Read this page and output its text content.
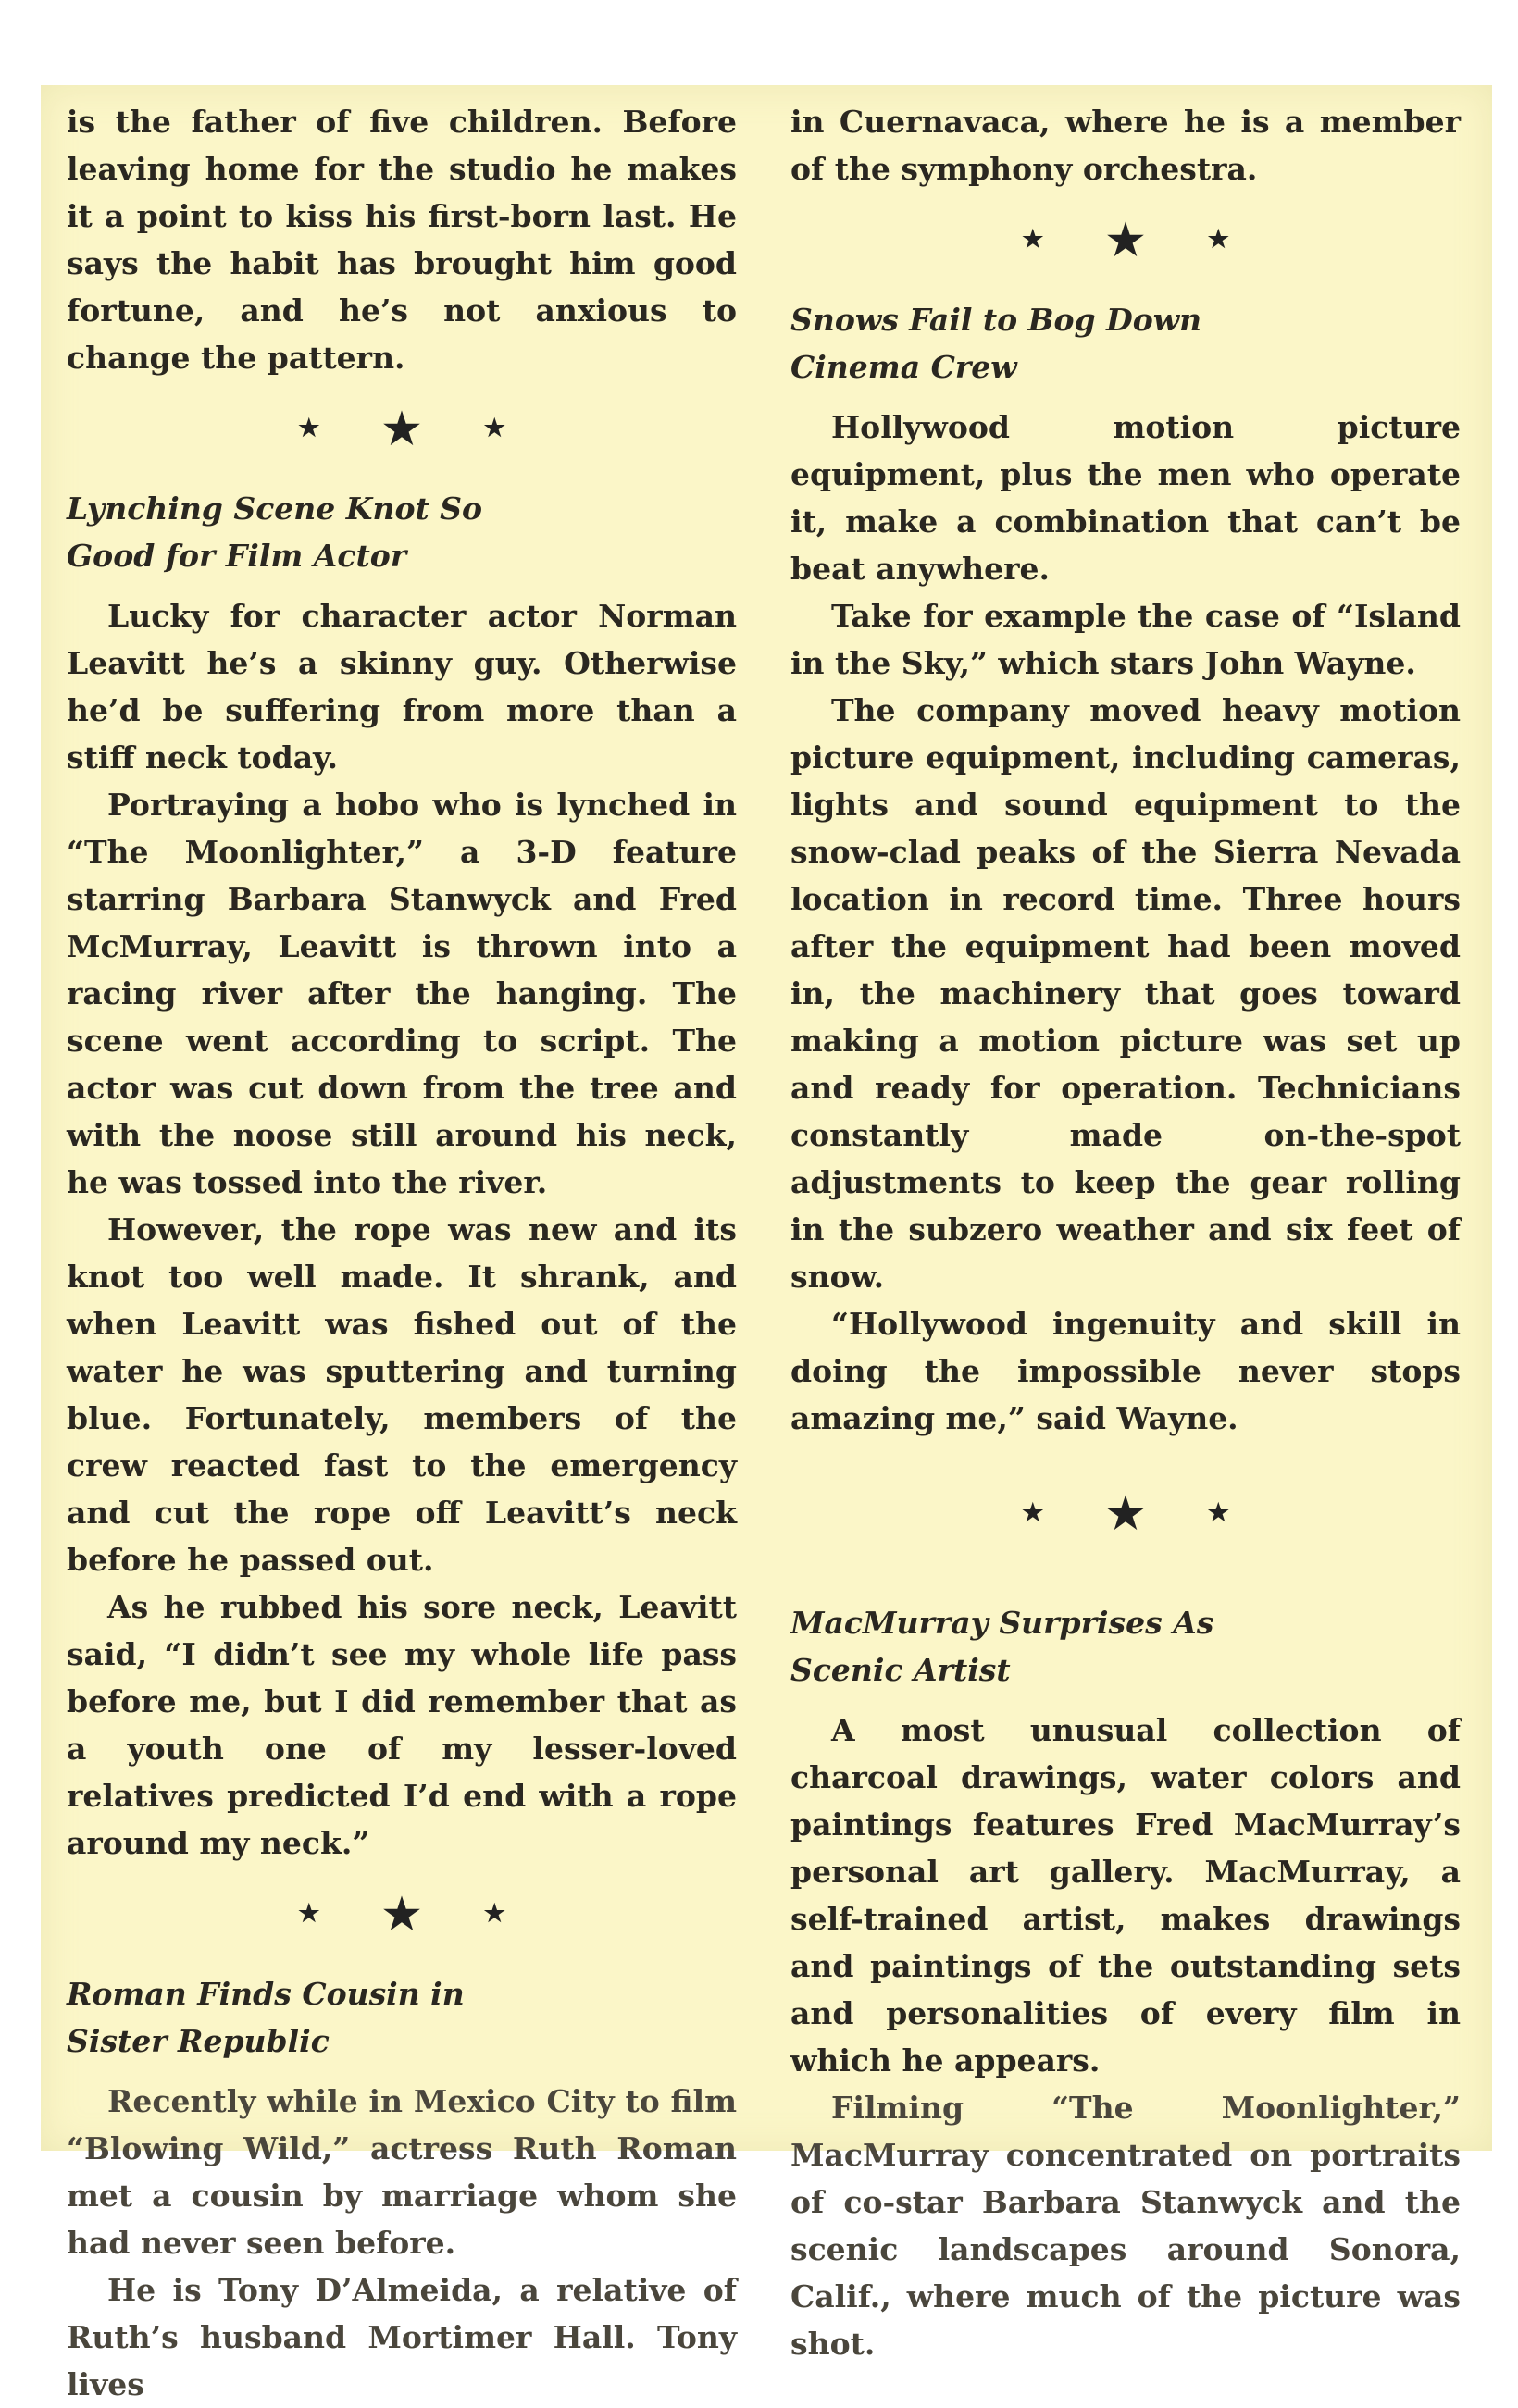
is the father of five children. Before leaving home for the studio he makes it a point to kiss his first-born last. He says the habit has brought him good fortune, and he’s not anxious to change the pattern.

★ ★	★
Lynching Scene Knot So Good for Film Actor

Lucky for character actor Norman Leavitt he’s a skinny guy. Otherwise he’d be suffering from more than a stiff neck today.

Portraying a hobo who is lynched in “The Moonlighter,” a 3-D feature starring Barbara Stanwyck and Fred McMurray, Leavitt is thrown into a racing river after the hanging. The scene went according to script. The actor was cut down from the tree and with the noose still around his neck, he was tossed into the river.

However, the rope was new and its knot too well made. It shrank, and when Leavitt was fished out of the water he was sputtering and turning blue. Fortunately, members of the crew reacted fast to the emergency and cut the rope off Leavitt’s neck before he passed out.

As he rubbed his sore neck, Leavitt said, “I didn’t see my whole life pass before me, but I did remember that as a youth one of my lesser-loved relatives predicted I’d end with a rope around my neck.”

★ ★	★
Roman Finds Cousin in Sister Republic

Recently while in Mexico City to film “Blowing Wild,” actress Ruth Roman met a cousin by marriage whom she had never seen before.

He is Tony D’Almeida, a relative of Ruth’s husband Mortimer Hall. Tony lives

in Cuernavaca, where he is a member of the symphony orchestra.

★ ★	★
Snows Fail to Bog Down Cinema Crew

Hollywood motion picture equipment, plus the men who operate it, make a combination that can’t be beat anywhere.

Take for example the case of “Island in the Sky,” which stars John Wayne.

The company moved heavy motion picture equipment, including cameras, lights and sound equipment to the snow-clad peaks of the Sierra Nevada location in record time. Three hours after the equipment had been moved in, the machinery that goes toward making a motion picture was set up and ready for operation. Technicians constantly made on-the-spot adjustments to keep the gear rolling in the subzero weather and six feet of snow.

“Hollywood ingenuity and skill in doing the impossible never stops amazing me,” said Wayne.

★ ★	★
MacMurray Surprises As Scenic Artist

A most unusual collection of charcoal drawings, water colors and paintings features Fred MacMurray’s personal art gallery. MacMurray, a self-trained artist, makes drawings and paintings of the outstanding sets and personalities of every film in which he appears.

Filming “The Moonlighter,” MacMurray concentrated on portraits of co-star Barbara Stanwyck and the scenic landscapes around Sonora, Calif., where much of the picture was shot.
